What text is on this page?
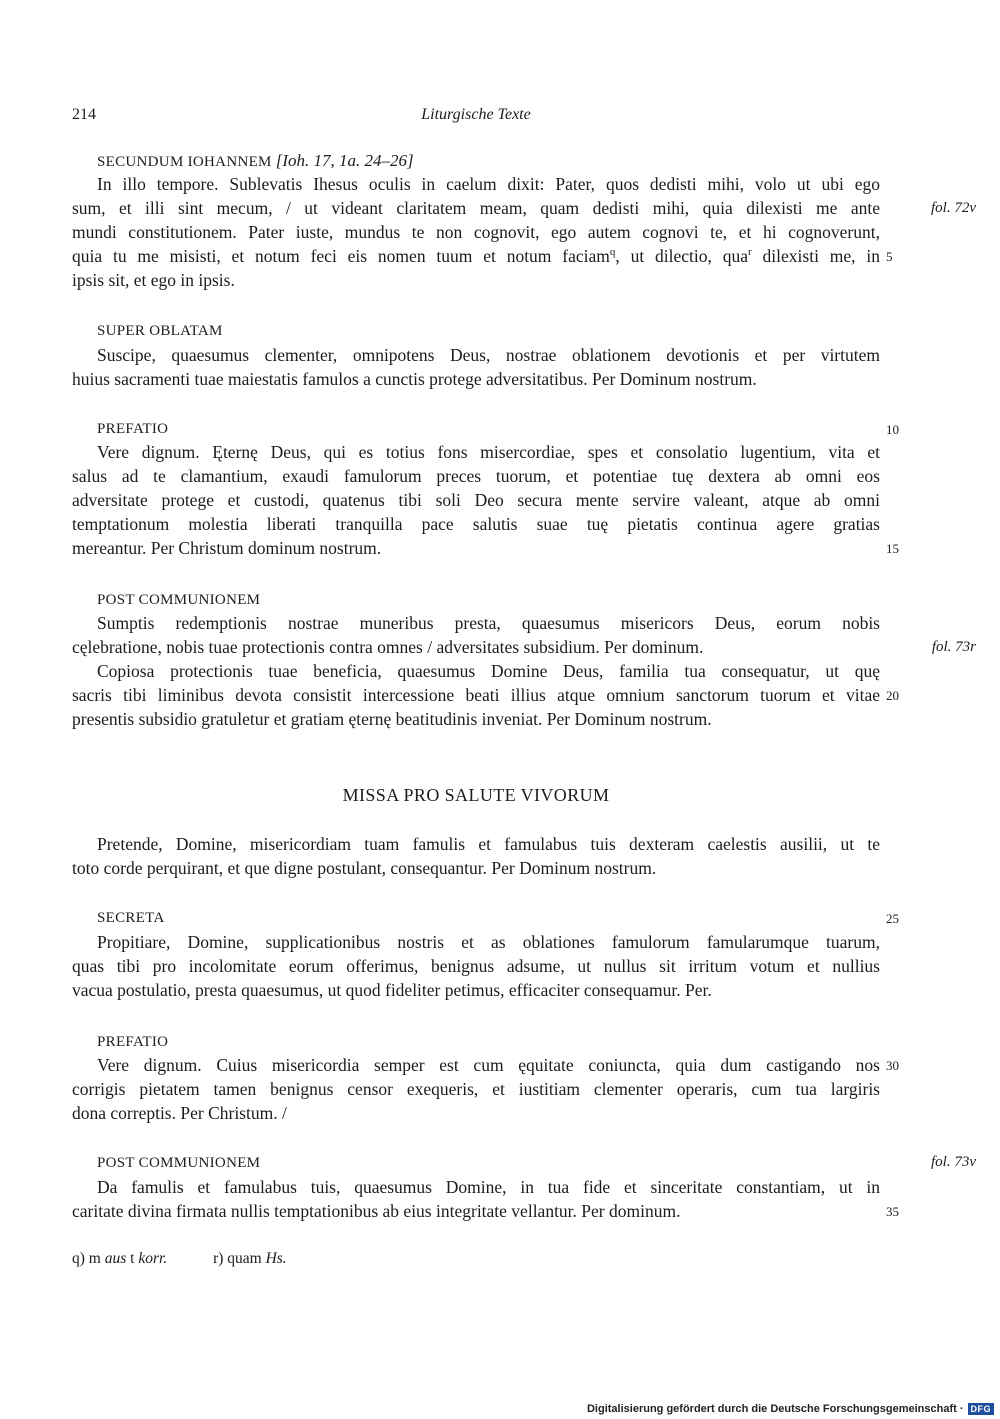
214	Liturgische Texte
SECUNDUM IOHANNEM [Ioh. 17, 1a. 24–26]
In illo tempore. Sublevatis Ihesus oculis in caelum dixit: Pater, quos dedisti mihi, volo ut ubi ego
sum, et illi sint mecum, / ut videant claritatem meam, quam dedisti mihi, quia dilexisti me ante
mundi constitutionem. Pater iuste, mundus te non cognovit, ego autem cognovi te, et hi cognoverunt,
quia tu me misisti, et notum feci eis nomen tuum et notum faciam$^q$, ut dilectio, qua$^r$ dilexisti me, in
ipsis sit, et ego in ipsis.
SUPER OBLATAM
Suscipe, quaesumus clementer, omnipotens Deus, nostrae oblationem devotionis et per virtutem
huius sacramenti tuae maiestatis famulos a cunctis protege adversitatibus. Per Dominum nostrum.
PREFATIO
Vere dignum. Ęternę Deus, qui es totius fons misercordiae, spes et consolatio lugentium, vita et
salus ad te clamantium, exaudi famulorum preces tuorum, et potentiae tuę dextera ab omni eos
adversitate protege et custodi, quatenus tibi soli Deo secura mente servire valeant, atque ab omni
temptationum molestia liberati tranquilla pace salutis suae tuę pietatis continua agere gratias
mereantur. Per Christum dominum nostrum.
POST COMMUNIONEM
Sumptis redemptionis nostrae muneribus presta, quaesumus misericors Deus, eorum nobis
cęlebratione, nobis tuae protectionis contra omnes / adversitates subsidium. Per dominum.
Copiosa protectionis tuae beneficia, quaesumus Domine Deus, familia tua consequatur, ut quę
sacris tibi liminibus devota consistit intercessione beati illius atque omnium sanctorum tuorum et vitae
presentis subsidio gratuletur et gratiam ęternę beatitudinis inveniat. Per Dominum nostrum.
MISSA PRO SALUTE VIVORUM
Pretende, Domine, misericordiam tuam famulis et famulabus tuis dexteram caelestis ausilii, ut te
toto corde perquirant, et que digne postulant, consequantur. Per Dominum nostrum.
SECRETA
Propitiare, Domine, supplicationibus nostris et as oblationes famulorum famularumque tuarum,
quas tibi pro incolomitate eorum offerimus, benignus adsume, ut nullus sit irritum votum et nullius
vacua postulatio, presta quaesumus, ut quod fideliter petimus, efficaciter consequamur. Per.
PREFATIO
Vere dignum. Cuius misericordia semper est cum ęquitate coniuncta, quia dum castigando nos
corrigis pietatem tamen benignus censor exequeris, et iustitiam clementer operaris, cum tua largiris
dona correptis. Per Christum. /
POST COMMUNIONEM
Da famulis et famulabus tuis, quaesumus Domine, in tua fide et sinceritate constantiam, ut in
caritate divina firmata nullis temptationibus ab eius integritate vellantur. Per dominum.
5
10
15
20
25
30
35
fol. 72v
fol. 73r
fol. 73v
q) m aus t korr.	r) quam Hs.
Digitalisierung gefördert durch die Deutsche Forschungsgemeinschaft · DFG
